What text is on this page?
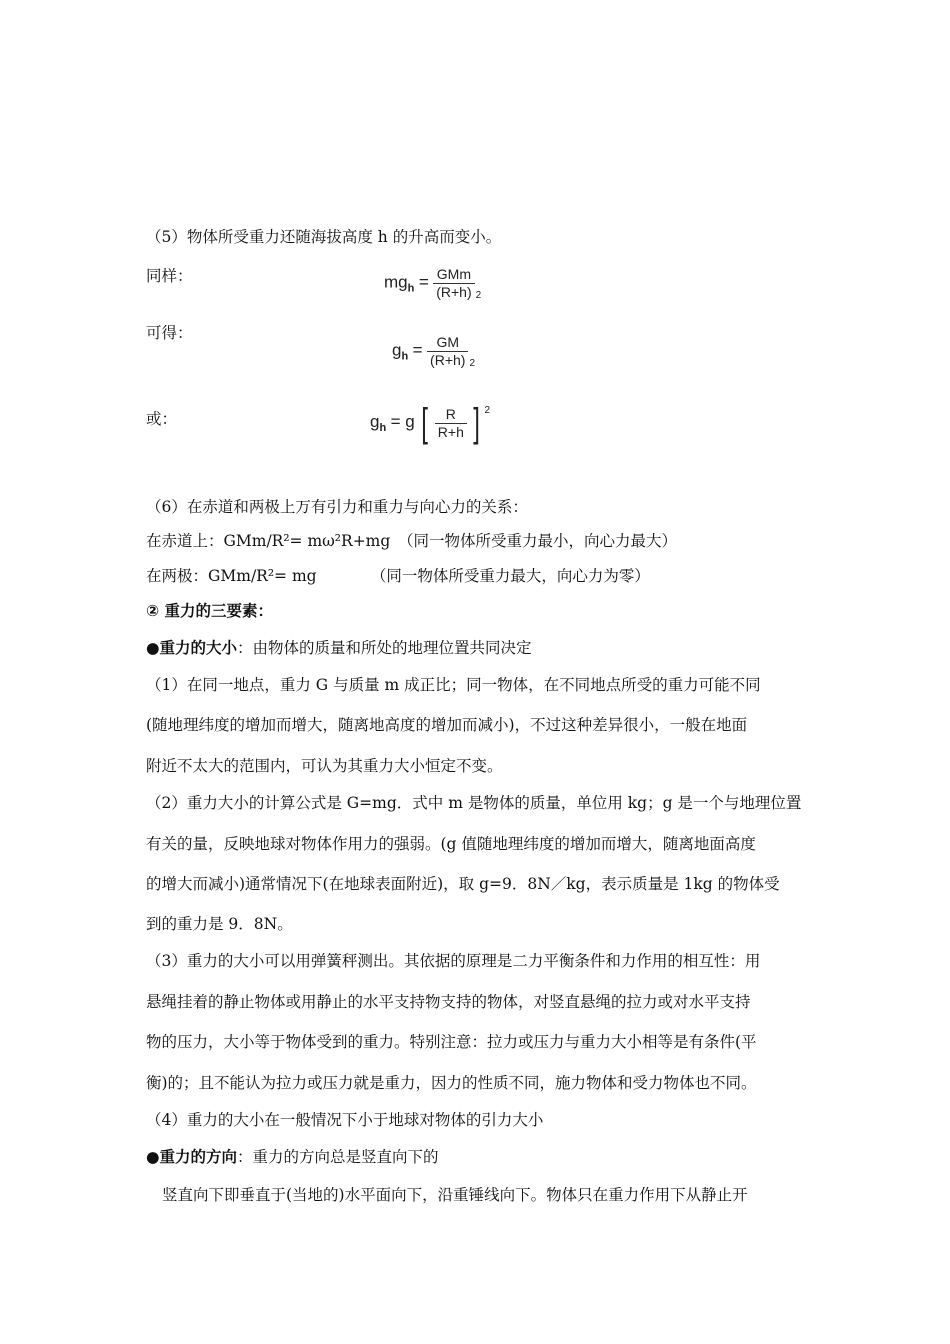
（5）物体所受重力还随海拔高度 h 的升高而变小。
同样：	$mg_h = \frac{\text{GMm}}{(R+h)} _2$
可得：
$g_h = \frac{GM}{(R+h)} _2$
或：	$g_h = g$ [ $\frac{R}{R+h}$ ] $^2$
（6）在赤道和两极上万有引力和重力与向心力的关系：
在赤道上：GMm/R²= mω²R+mg　（同一物体所受重力最小，向心力最大）
在两极：GMm/R²= mg　　　　（同一物体所受重力最大，向心力为零）
② 重力的三要素：
●重力的大小：由物体的质量和所处的地理位置共同决定
（1）在同一地点，重力 G 与质量 m 成正比；同一物体，在不同地点所受的重力可能不同
(随地理纬度的增加而增大，随离地高度的增加而减小)，不过这种差异很小，一般在地面
附近不太大的范围内，可认为其重力大小恒定不变。
（2）重力大小的计算公式是 G=mg．式中 m 是物体的质量，单位用 kg；g 是一个与地理位置
有关的量，反映地球对物体作用力的强弱。(g 值随地理纬度的增加而增大，随离地面高度
的增大而减小)通常情况下(在地球表面附近)，取 g=9．8N／kg，表示质量是 1kg 的物体受
到的重力是 9．8N。
（3）重力的大小可以用弹簧秤测出。其依据的原理是二力平衡条件和力作用的相互性：用
悬绳挂着的静止物体或用静止的水平支持物支持的物体，对竖直悬绳的拉力或对水平支持
物的压力，大小等于物体受到的重力。特别注意：拉力或压力与重力大小相等是有条件(平
衡)的；且不能认为拉力或压力就是重力，因力的性质不同，施力物体和受力物体也不同。
（4）重力的大小在一般情况下小于地球对物体的引力大小
●重力的方向：重力的方向总是竖直向下的
竖直向下即垂直于(当地的)水平面向下，沿重锤线向下。物体只在重力作用下从静止开
